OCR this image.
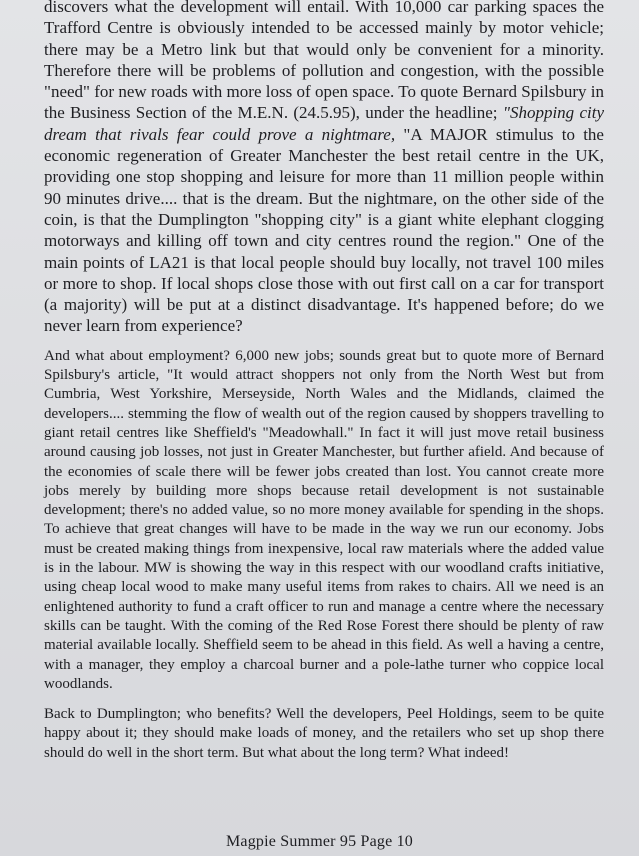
discovers what the development will entail. With 10,000 car parking spaces the Trafford Centre is obviously intended to be accessed mainly by motor vehicle; there may be a Metro link but that would only be convenient for a minority. Therefore there will be problems of pollution and congestion, with the possible "need" for new roads with more loss of open space. To quote Bernard Spilsbury in the Business Section of the M.E.N. (24.5.95), under the headline; "Shopping city dream that rivals fear could prove a nightmare, "A MAJOR stimulus to the economic regeneration of Greater Manchester the best retail centre in the UK, providing one stop shopping and leisure for more than 11 million people within 90 minutes drive.... that is the dream. But the nightmare, on the other side of the coin, is that the Dumplington "shopping city" is a giant white elephant clogging motorways and killing off town and city centres round the region." One of the main points of LA21 is that local people should buy locally, not travel 100 miles or more to shop. If local shops close those with out first call on a car for transport (a majority) will be put at a distinct disadvantage. It's happened before; do we never learn from experience?

And what about employment? 6,000 new jobs; sounds great but to quote more of Bernard Spilsbury's article, "It would attract shoppers not only from the North West but from Cumbria, West Yorkshire, Merseyside, North Wales and the Midlands, claimed the developers.... stemming the flow of wealth out of the region caused by shoppers travelling to giant retail centres like Sheffield's "Meadowhall." In fact it will just move retail business around causing job losses, not just in Greater Manchester, but further afield. And because of the economies of scale there will be fewer jobs created than lost. You cannot create more jobs merely by building more shops because retail development is not sustainable development; there's no added value, so no more money available for spending in the shops. To achieve that great changes will have to be made in the way we run our economy. Jobs must be created making things from inexpensive, local raw materials where the added value is in the labour. MW is showing the way in this respect with our woodland crafts initiative, using cheap local wood to make many useful items from rakes to chairs. All we need is an enlightened authority to fund a craft officer to run and manage a centre where the necessary skills can be taught. With the coming of the Red Rose Forest there should be plenty of raw material available locally. Sheffield seem to be ahead in this field. As well a having a centre, with a manager, they employ a charcoal burner and a pole-lathe turner who coppice local woodlands.

Back to Dumplington; who benefits? Well the developers, Peel Holdings, seem to be quite happy about it; they should make loads of money, and the retailers who set up shop there should do well in the short term. But what about the long term? What indeed!

Magpie Summer 95 Page 10
